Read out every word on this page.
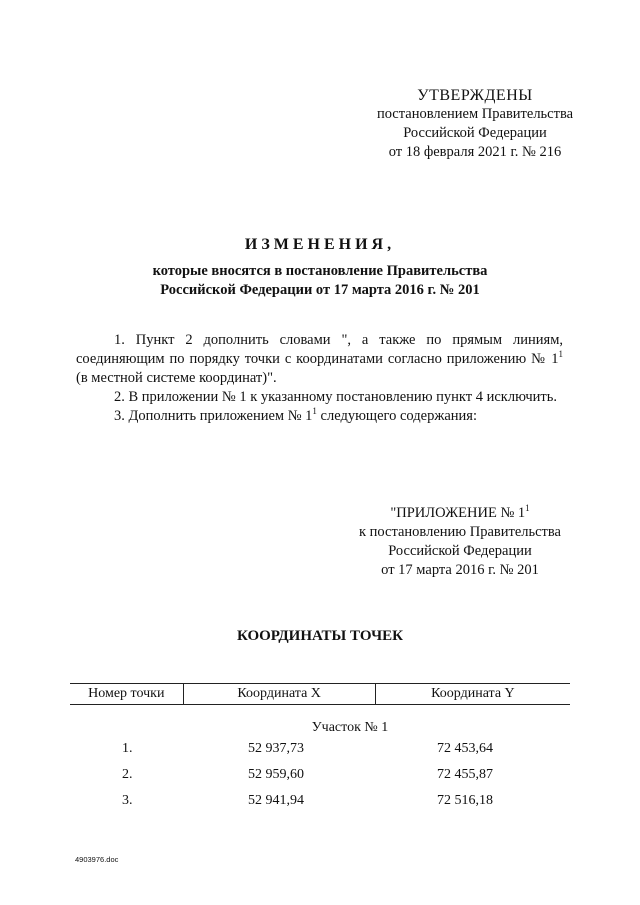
УТВЕРЖДЕНЫ
постановлением Правительства
Российской Федерации
от 18 февраля 2021 г. № 216
ИЗМЕНЕНИЯ,
которые вносятся в постановление Правительства
Российской Федерации от 17 марта 2016 г. № 201

1. Пункт 2 дополнить словами ", а также по прямым линиям, соединяющим по порядку точки с координатами согласно приложению № $1^1$ (в местной системе координат)".

2. В приложении № 1 к указанному постановлению пункт 4 исключить.

3. Дополнить приложением № $1^1$ следующего содержания:

"ПРИЛОЖЕНИЕ № $1^1$
к постановлению Правительства
Российской Федерации
от 17 марта 2016 г. № 201
КООРДИНАТЫ ТОЧЕК
Номер точки	Координата X	Координата Y
Участок № 1
1.	52 937,73	72 453,64
2.	52 959,60	72 455,87
3.	52 941,94	72 516,18
4903976.doc
